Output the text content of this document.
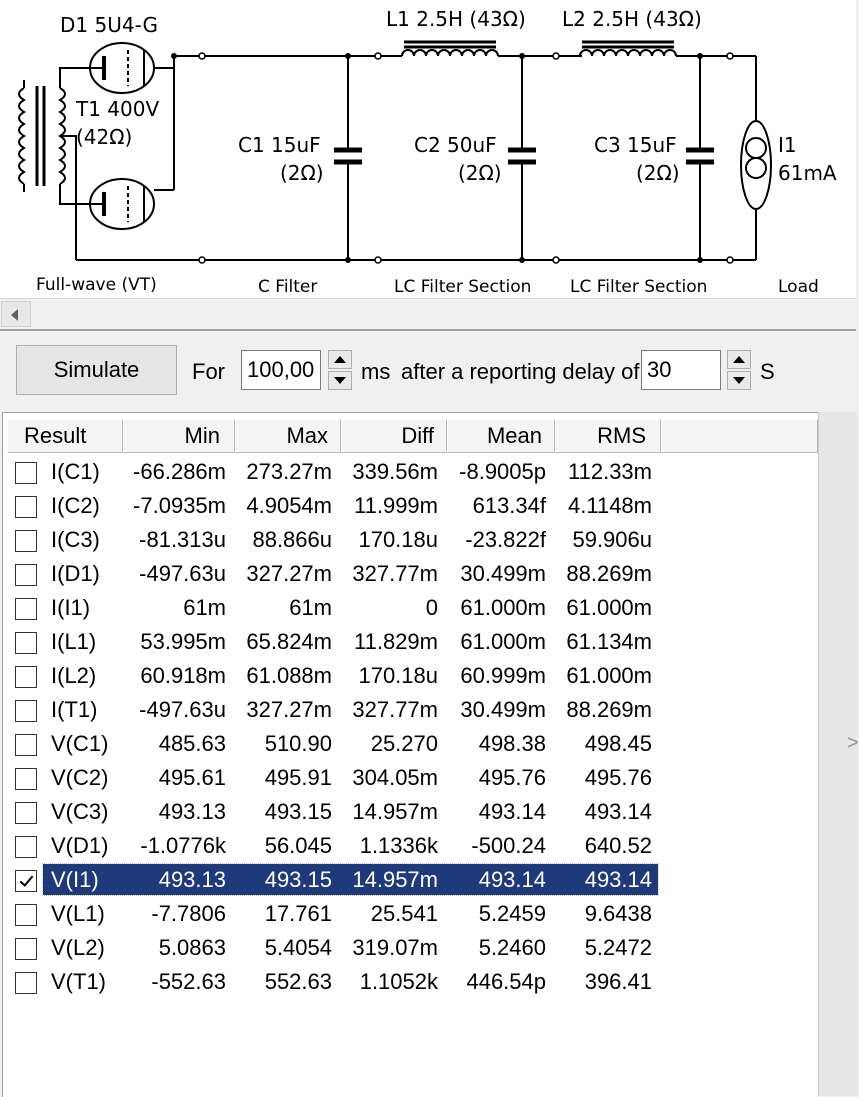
D1 5U4-G
T1 400V
(42Ω)	C1 15uF
(2Ω)
L1 2.5H (43Ω)
C2 50uF
(2Ω)
L2 2.5H (43Ω)
C3 15uF
(2Ω)
I1
61mA
Full-wave (VT)	C Filter	LC Filter Section LC Filter Section	Load
Simulate	For 100,00	ms after a reporting delay of 30	S
Result	Min	Max	Diff	Mean	RMS
I(C1) -66.286m 273.27m 339.56m -8.9005p 112.33m
I(C2) -7.0935m 4.9054m 11.999m 613.34f 4.1148m
I(C3) -81.313u 88.866u 170.18u -23.822f 59.906u
I(D1) -497.63u 327.27m 327.77m 30.499m 88.269m
I(I1)	61m	61m	0 61.000m 61.000m
I(L1) 53.995m 65.824m 11.829m 61.000m 61.134m
I(L2) 60.918m 61.088m 170.18u 60.999m 61.000m
I(T1) -497.63u 327.27m 327.77m 30.499m 88.269m
V(C1) 485.63 510.90 25.270 498.38 498.45
V(C2) 495.61 495.91 304.05m 495.76 495.76
V(C3) 493.13 493.15 14.957m 493.14 493.14
V(D1) -1.0776k 56.045 1.1336k -500.24 640.52
V(I1)	493.13 493.15 14.957m 493.14 493.14
V(L1) -7.7806 17.761 25.541 5.2459 9.6438
V(L2) 5.0863 5.4054 319.07m 5.2460 5.2472
V(T1) -552.63 552.63 1.1052k 446.54p 396.41
>
